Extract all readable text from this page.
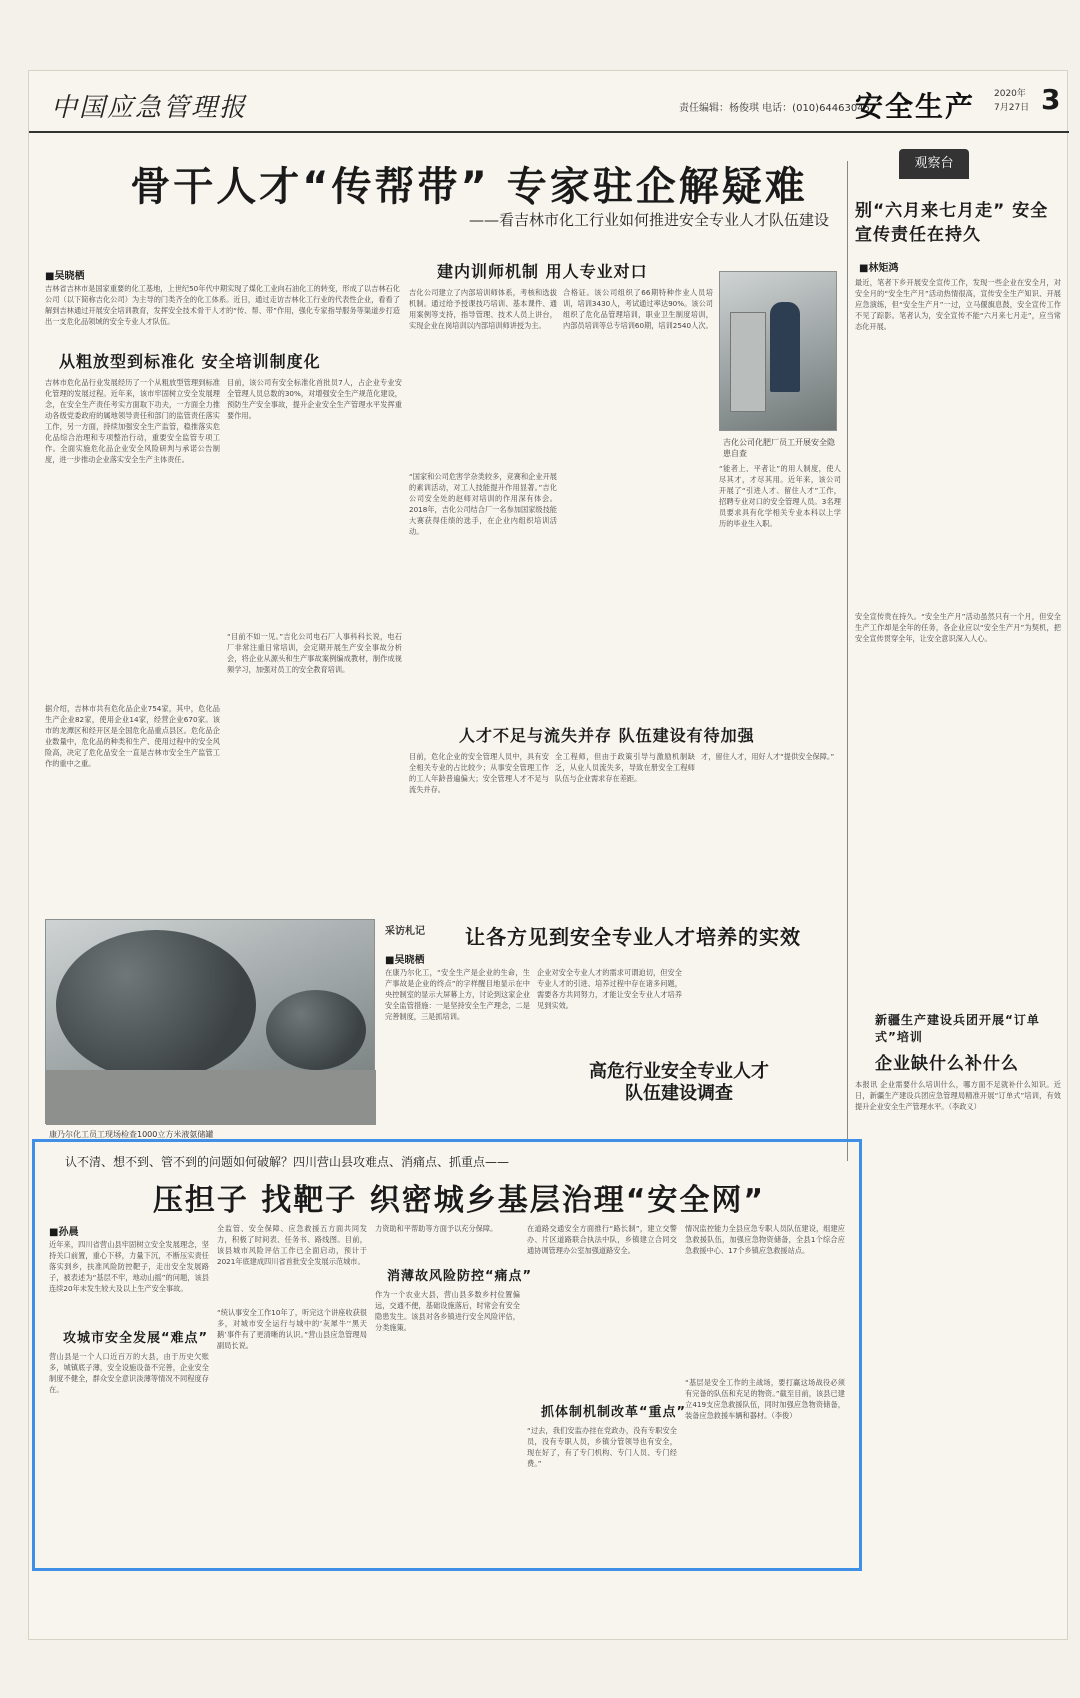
中国应急管理报	责任编辑：杨俊琪 电话：(010)64463045
安全生产 2020年
7月27日 3
骨干人才“传帮带” 专家驻企解疑难
——看吉林市化工行业如何推进安全专业人才队伍建设
■吴晓栖
吉林省吉林市是国家重要的化工基地，上世纪50年代中期实现了煤化工业向石油化工的转变，形成了以吉林石化公司（以下简称吉化公司）为主导的门类齐全的化工体系。近日，通过走访吉林化工行业的代表性企业，看看了解到吉林通过开展安全培训教育，发挥安全技术骨干人才的“传、帮、带”作用，强化专家指导服务等渠道步打造出一支危化品领域的安全专业人才队伍。
从粗放型到标准化 安全培训制度化
吉林市危化品行业发展经历了一个从粗放型管理到标准化管理的发展过程。近年来，该市牢固树立安全发展理念，在安全生产责任考实方面取下功夫，一方面全力推动各级党委政府的属地领导责任和部门的监管责任落实工作，另一方面，持续加强安全生产监管，稳推落实危化品综合治理和专项整治行动，重要安全监管专项工作。全面实施危化品企业安全风险研判与承诺公告制度，进一步推动企业落实安全生产主体责任。
据介绍，吉林市共有危化品企业754家，其中，危化品生产企业82家，使用企业14家，经营企业670家。该市的龙潭区和经开区是全国危化品重点县区。危化品企业数量中，危化品的种类和生产、使用过程中的安全风险高，决定了危化品安全一直是吉林市安全生产监管工作的重中之重。
目前，该公司有安全标准化首批员7人，占企业专业安全管理人员总数的30%，对增强安全生产规范化建设，预防生产安全事故，提升企业安全生产管理水平发挥重要作用。
“目前不如一见。”吉化公司电石厂人事科科长说，电石厂非常注重日常培训，会定期开展生产安全事故分析会，将企业从源头和生产事故案例编成教材，制作成视频学习，加强对员工的安全教育培训。
建内训师机制 用人专业对口
吉化公司建立了内部培训师体系，考核和选拔机制。通过给予授课技巧培训、基本课件、通用案例等支持，指导管理、技术人员上讲台，实现企业在岗培训以内部培训师讲授为主。
“国家和公司危害学杂类较多，竞赛和企业开展的素训活动，对工人技能提升作用显著。”吉化公司安全处的赵师对培训的作用深有体会。2018年，吉化公司结合厂一名参加国家级技能大赛获得佳绩的选手，在企业内组织培训活动。
合格证。该公司组织了66期特种作业人员培训，培训3430人，考试通过率达90%。该公司组织了危化品管理培训，职业卫生制度培训，内部员培训等总专培训60期，培训2540人次。
吉化公司化肥厂员工开展安全隐患自查
“能者上、平者让”的用人制度，使人尽其才，才尽其用。近年来，该公司开展了“引进人才、留住人才”工作，招聘专业对口的安全管理人员。3名理员要求具有化学相关专业本科以上学历的毕业生入职。
人才不足与流失并存 队伍建设有待加强
目前，危化企业的安全管理人员中，具有安全相关专业的占比较少；从事安全管理工作的工人年龄普遍偏大；安全管理人才不足与流失并存。
全工程师，但由于政策引导与激励机制缺乏，从业人员流失多，导致在册安全工程师队伍与企业需求存在差距。
才，留住人才，用好人才“提供安全保障。”
康乃尔化工员工现场检查1000立方米液氨储罐
采访札记 让各方见到安全专业人才培养的实效
■吴晓栖
在康乃尔化工，“安全生产是企业的生命，生产事故是企业的终点”的字样醒目地显示在中央控制室的显示大屏幕上方，讨论到这家企业安全监管措施：一是坚持安全生产理念，二是完善制度，三是抓培训。
企业对安全专业人才的需求可谓迫切，但安全专业人才的引进、培养过程中存在诸多问题，需要各方共同努力，才能让安全专业人才培养见到实效。
高危行业安全专业人才
队伍建设调查
观察台
别“六月来七月走” 安全宣传责任在持久
■林矩鸿
最近，笔者下乡开展安全宣传工作，发现一些企业在安全月，对安全月的“安全生产月”活动热情很高，宣传安全生产知识、开展应急演练，但“安全生产月”一过，立马偃旗息鼓，安全宣传工作不见了踪影。笔者认为，安全宣传不能“六月来七月走”，应当常态化开展。
安全宣传贵在持久。“安全生产月”活动虽然只有一个月，但安全生产工作却是全年的任务，各企业应以“安全生产月”为契机，把安全宣传贯穿全年，让安全意识深入人心。
新疆生产建设兵团开展“订单式”培训
企业缺什么补什么
本报讯 企业需要什么培训什么，哪方面不足就补什么知识。近日，新疆生产建设兵团应急管理局精准开展“订单式”培训，有效提升企业安全生产管理水平。（李政义）
认不清、想不到、管不到的问题如何破解？四川营山县攻难点、消痛点、抓重点——
压担子 找靶子 织密城乡基层治理“安全网”
■孙晨
近年来，四川省营山县牢固树立安全发展理念，坚持关口前置，重心下移，力量下沉，不断压实责任落实到乡，扶准风险防控靶子，走出安全发展路子，被表述为“基层不牢，地动山摇”的问题，该县连续20年未发生较大及以上生产安全事故。
攻城市安全发展“难点”
营山县是一个人口近百万的大县，由于历史欠账多，城镇底子薄，安全设施设备不完善，企业安全制度不健全，群众安全意识淡薄等情况不同程度存在。
全监管、安全保障、应急救援五方面共同发力，积极了时间表、任务书、路线图。目前，该县城市风险评估工作已全面启动，预计于2021年底建成四川省首批安全发展示范城市。
“统认事安全工作10年了，听完这个讲座收获很多，对城市安全运行与城中的‘灰犀牛’‘黑天鹅’事件有了更清晰的认识。”营山县应急管理局副局长说。
力资助和平帮助等方面予以充分保障。
消薄故风险防控“痛点”
作为一个农业大县，营山县多数乡村位置偏远，交通不便，基础设施落后，时常会有安全隐患发生。该县对各乡镇进行安全风险评估，分类施策。
在道路交通安全方面推行“路长制”，建立交警办、片区道路联合执法中队，乡镇建立合同交通协调管理办公室加强道路安全。
抓体制机制改革“重点”
“过去，我们安监办挂在党政办，没有专职安全员，没有专职人员，乡镇分管领导也有安全，现在好了，有了专门机构、专门人员、专门经费。”
情况监控能力全县应急专职人员队伍建设，组建应急救援队伍，加强应急物资储备，全县1个综合应急救援中心、17个乡镇应急救援站点。
“基层是安全工作的主战场，要打赢这场战役必须有完备的队伍和充足的物资。”截至目前，该县已建立419支应急救援队伍，同时加强应急物资储备，装备应急救援车辆和器材。（李俊）
